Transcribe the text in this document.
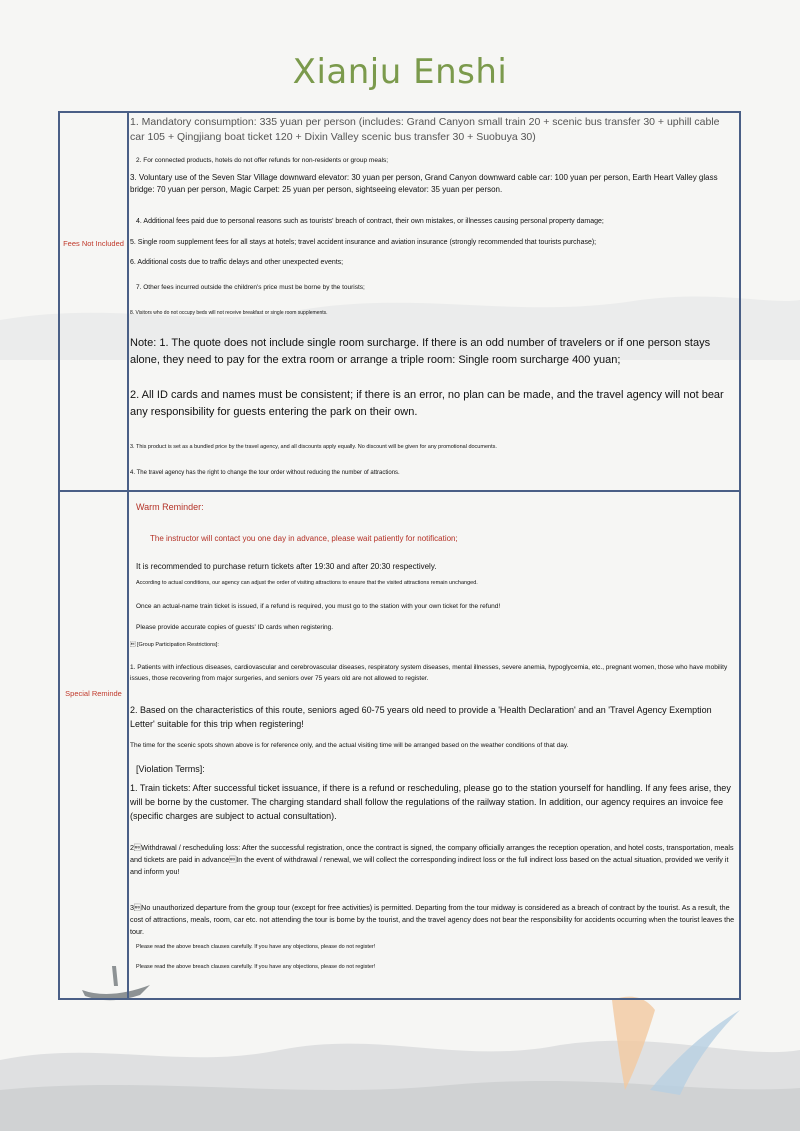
Xianju Enshi
Fees Not Included
Special Reminde
1. Mandatory consumption: 335 yuan per person (includes: Grand Canyon small train 20 + scenic bus transfer 30 + uphill cable car 105 + Qingjiang boat ticket 120 + Dixin Valley scenic bus transfer 30 + Suobuya 30)
2. For connected products, hotels do not offer refunds for non-residents or group meals;
3. Voluntary use of the Seven Star Village downward elevator: 30 yuan per person, Grand Canyon downward cable car: 100 yuan per person, Earth Heart Valley glass bridge: 70 yuan per person, Magic Carpet: 25 yuan per person, sightseeing elevator: 35 yuan per person.
4. Additional fees paid due to personal reasons such as tourists' breach of contract, their own mistakes, or illnesses causing personal property damage;
5. Single room supplement fees for all stays at hotels; travel accident insurance and aviation insurance (strongly recommended that tourists purchase);
6. Additional costs due to traffic delays and other unexpected events;
7. Other fees incurred outside the children's price must be borne by the tourists;
8. Visitors who do not occupy beds will not receive breakfast or single room supplements.
Note: 1. The quote does not include single room surcharge. If there is an odd number of travelers or if one person stays alone, they need to pay for the extra room or arrange a triple room: Single room surcharge 400 yuan;
2. All ID cards and names must be consistent; if there is an error, no plan can be made, and the travel agency will not bear any responsibility for guests entering the park on their own.
3. This product is set as a bundled price by the travel agency, and all discounts apply equally. No discount will be given for any promotional documents.
4. The travel agency has the right to change the tour order without reducing the number of attractions.
Warm Reminder:
The instructor will contact you one day in advance, please wait patiently for notification;
It is recommended to purchase return tickets after 19:30 and after 20:30 respectively.
According to actual conditions, our agency can adjust the order of visiting attractions to ensure that the visited attractions remain unchanged.
Once an actual-name train ticket is issued, if a refund is required, you must go to the station with your own ticket for the refund!
Please provide accurate copies of guests' ID cards when registering.
 [Group Participation Restrictions]:
1. Patients with infectious diseases, cardiovascular and cerebrovascular diseases, respiratory system diseases, mental illnesses, severe anemia, hypoglycemia, etc., pregnant women, those who have mobility issues, those recovering from major surgeries, and seniors over 75 years old are not allowed to register.
2. Based on the characteristics of this route, seniors aged 60-75 years old need to provide a 'Health Declaration' and an 'Travel Agency Exemption Letter' suitable for this trip when registering!
The time for the scenic spots shown above is for reference only, and the actual visiting time will be arranged based on the weather conditions of that day.
[Violation Terms]:
1. Train tickets: After successful ticket issuance, if there is a refund or rescheduling, please go to the station yourself for handling. If any fees arise, they will be borne by the customer. The charging standard shall follow the regulations of the railway station. In addition, our agency requires an invoice fee (specific charges are subject to actual consultation).
2Withdrawal / rescheduling loss: After the successful registration, once the contract is signed, the company officially arranges the reception operation, and hotel costs, transportation, meals and tickets are paid in advanceIn the event of withdrawal / renewal, we will collect the corresponding indirect loss or the full indirect loss based on the actual situation, provided we verify it and inform you!
3No unauthorized departure from the group tour (except for free activities) is permitted. Departing from the tour midway is considered as a breach of contract by the tourist. As a result, the cost of attractions, meals, room, car etc. not attending the tour is borne by the tourist, and the travel agency does not bear the responsibility for accidents occurring when the tourist leaves the tour.
Please read the above breach clauses carefully. If you have any objections, please do not register!
Please read the above breach clauses carefully. If you have any objections, please do not register!
